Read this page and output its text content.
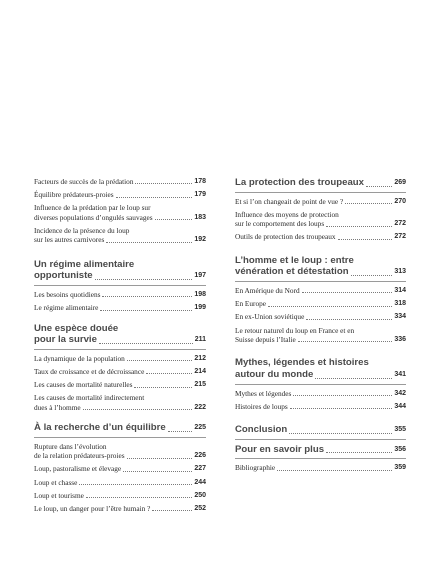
Facteurs de succès de la prédation	178
Équilibre prédateurs-proies	179
Influence de la prédation par le loup sur
diverses populations d’ongulés sauvages	183
Incidence de la présence du loup
sur les autres carnivores	192
Un régime alimentaire
opportuniste	197
Les besoins quotidiens	198
Le régime alimentaire	199
Une espèce douée
pour la survie	211
La dynamique de la population	212
Taux de croissance et de décroissance	214
Les causes de mortalité naturelles	215
Les causes de mortalité indirectement
dues à l’homme	222
À la recherche d’un équilibre	225
Rupture dans l’évolution
de la relation prédateurs-proies	226
Loup, pastoralisme et élevage	227
Loup et chasse	244
Loup et tourisme	250
Le loup, un danger pour l’être humain ?	252
La protection des troupeaux	269
Et si l’on changeait de point de vue ?	270
Influence des moyens de protection
sur le comportement des loups	272
Outils de protection des troupeaux	272
L’homme et le loup : entre
vénération et détestation	313
En Amérique du Nord	314
En Europe	318
En ex-Union soviétique	334
Le retour naturel du loup en France et en
Suisse depuis l’Italie	336
Mythes, légendes et histoires
autour du monde	341
Mythes et légendes	342
Histoires de loups	344
Conclusion	355
Pour en savoir plus	356
Bibliographie	359
